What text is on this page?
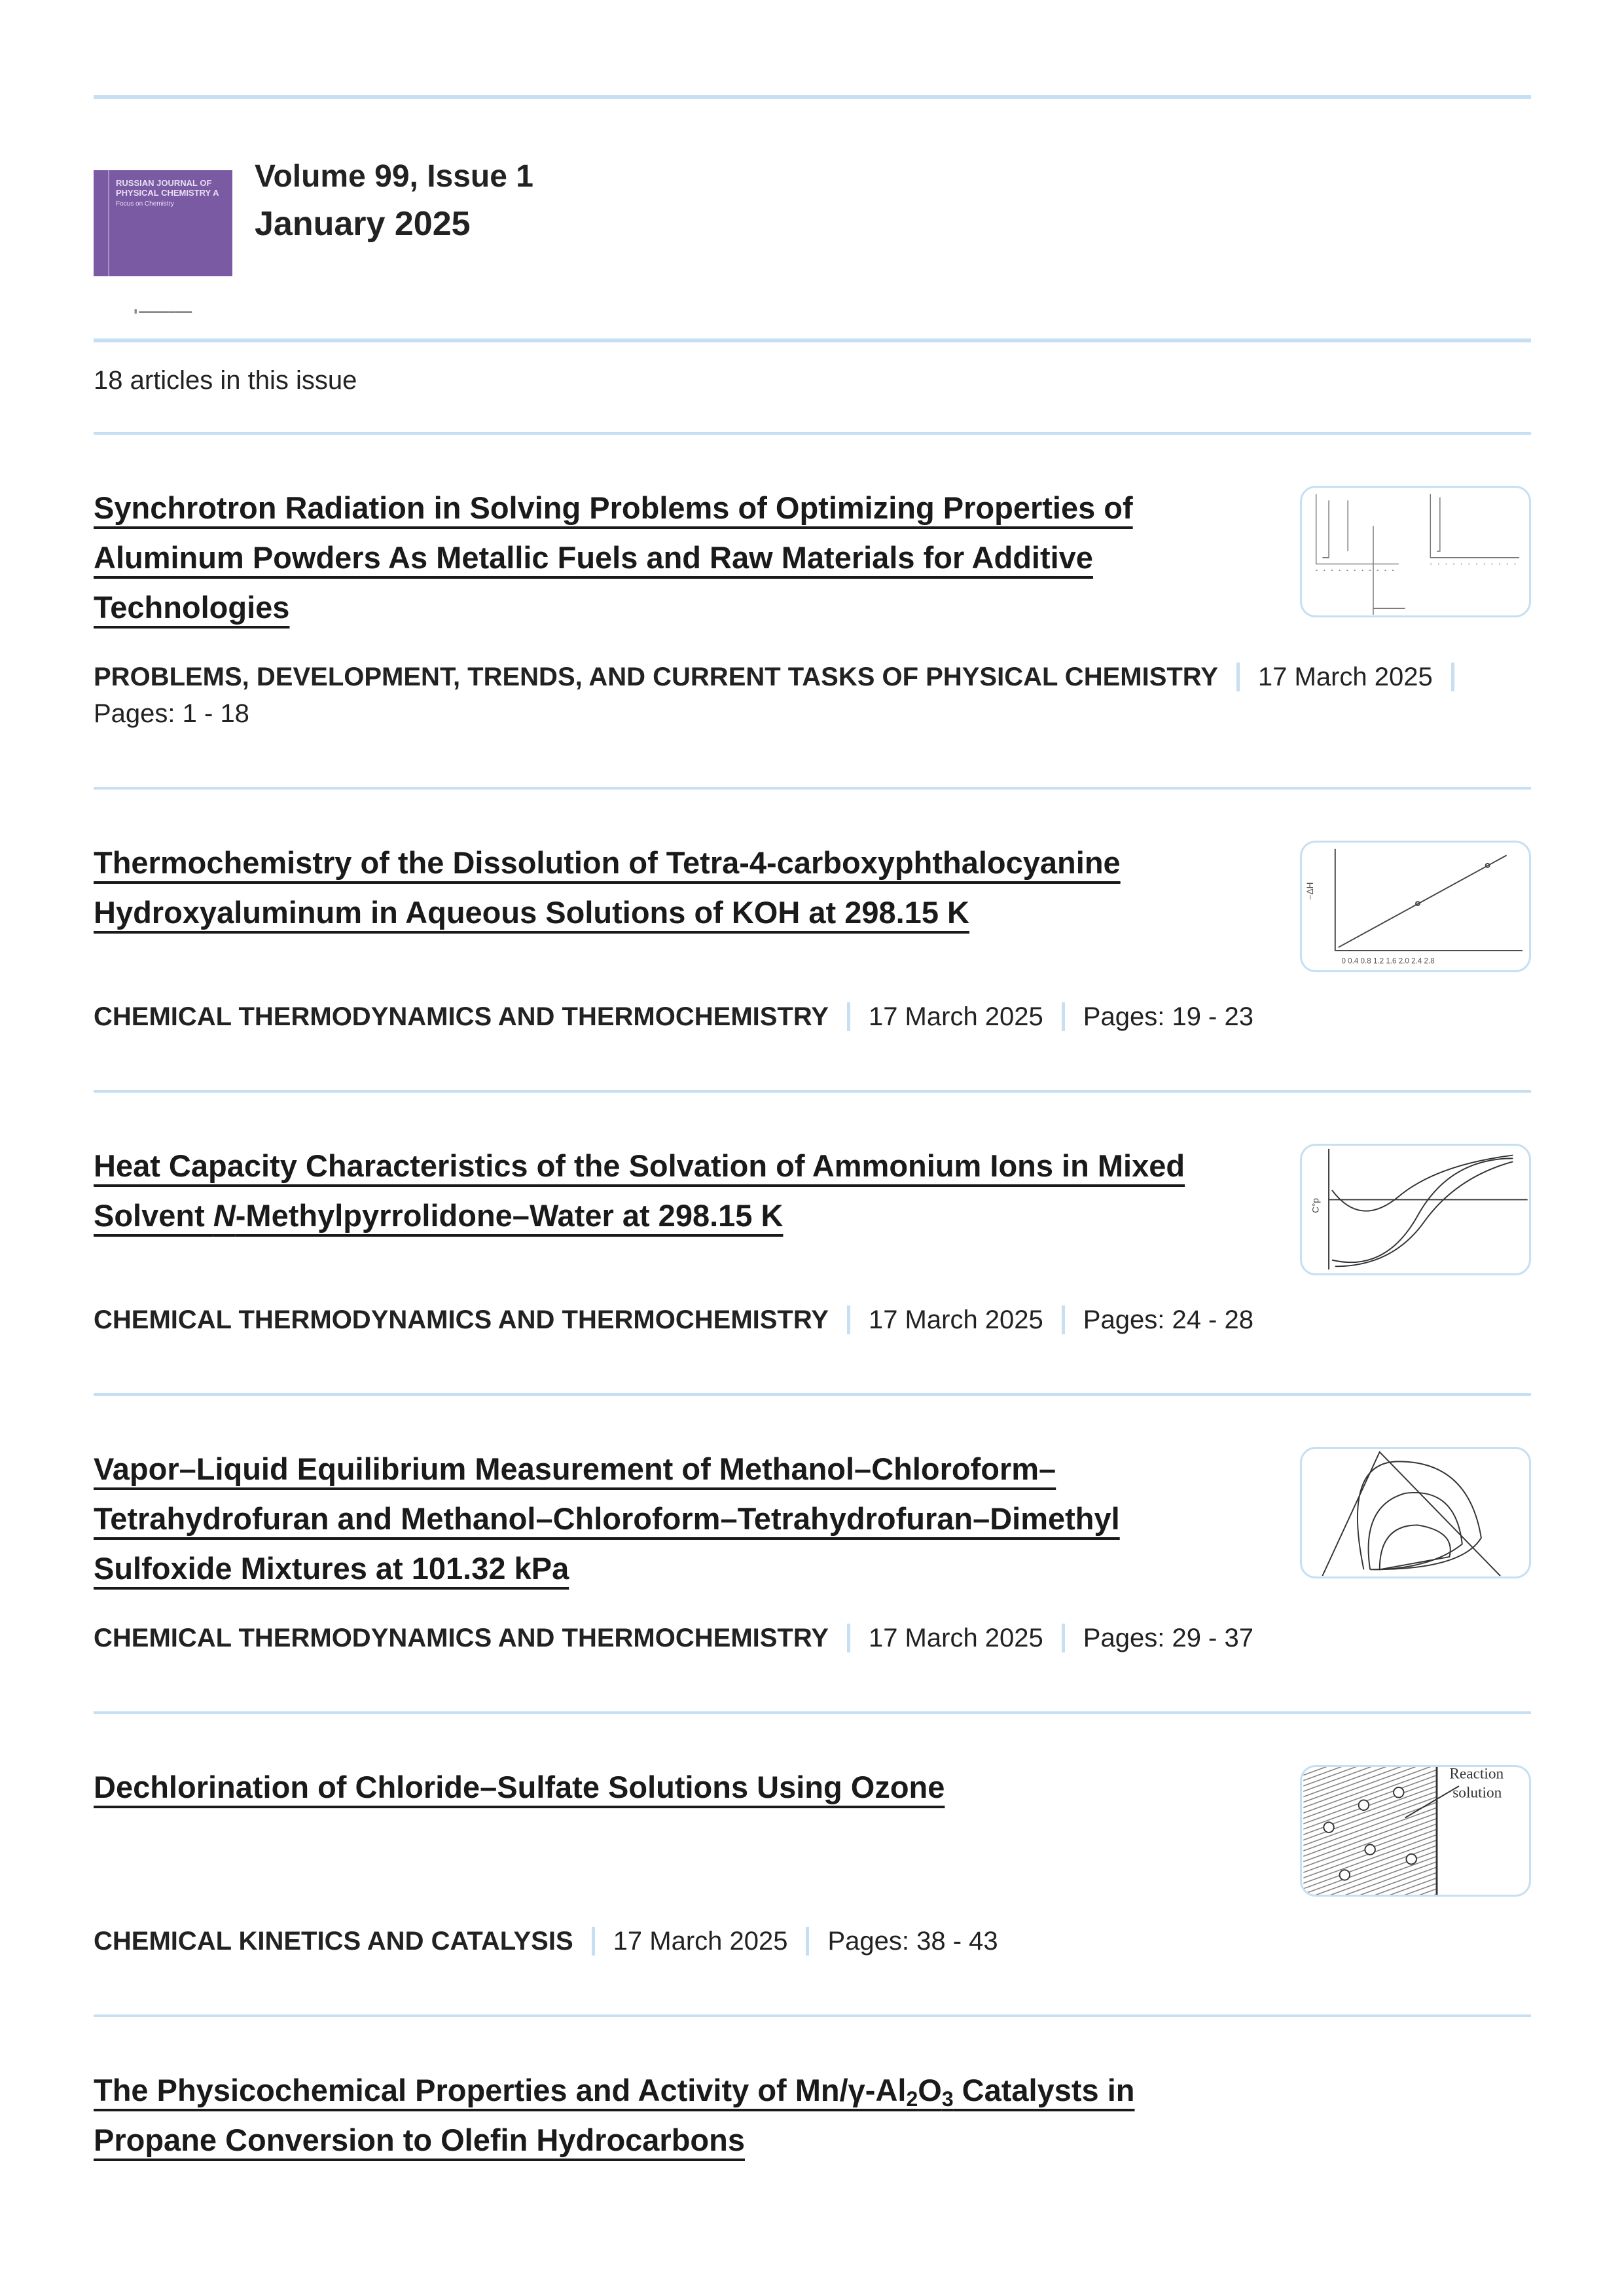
RUSSIAN JOURNAL OF PHYSICAL CHEMISTRY A
Focus on Chemistry
▮ ▬▬▬▬▬▬▬▬▬
Volume 99, Issue 1
January 2025
18 articles in this issue
Synchrotron Radiation in Solving Problems of Optimizing Properties of Aluminum Powders As Metallic Fuels and Raw Materials for Additive Technologies
PROBLEMS, DEVELOPMENT, TRENDS, AND CURRENT TASKS OF PHYSICAL CHEMISTRY 17 March 2025
Pages: 1 - 18
Thermochemistry of the Dissolution of Tetra-4-carboxyphthalocyanine Hydroxyaluminum in Aqueous Solutions of KOH at 298.15 K
−ΔH
0 0.4 0.8 1.2 1.6 2.0 2.4 2.8
CHEMICAL THERMODYNAMICS AND THERMOCHEMISTRY 17 March 2025 Pages: 19 - 23
Heat Capacity Characteristics of the Solvation of Ammonium Ions in Mixed Solvent N-Methylpyrrolidone–Water at 298.15 K	C°p
CHEMICAL THERMODYNAMICS AND THERMOCHEMISTRY 17 March 2025 Pages: 24 - 28
Vapor–Liquid Equilibrium Measurement of Methanol–Chloroform–Tetrahydrofuran and Methanol–Chloroform–Tetrahydrofuran–Dimethyl Sulfoxide Mixtures at 101.32 kPa
CHEMICAL THERMODYNAMICS AND THERMOCHEMISTRY 17 March 2025 Pages: 29 - 37
Dechlorination of Chloride–Sulfate Solutions Using Ozone	Reaction
solution
CHEMICAL KINETICS AND CATALYSIS 17 March 2025 Pages: 38 - 43
The Physicochemical Properties and Activity of $Mn/\gamma-Al_2O_3$ Catalysts in Propane Conversion to Olefin Hydrocarbons
